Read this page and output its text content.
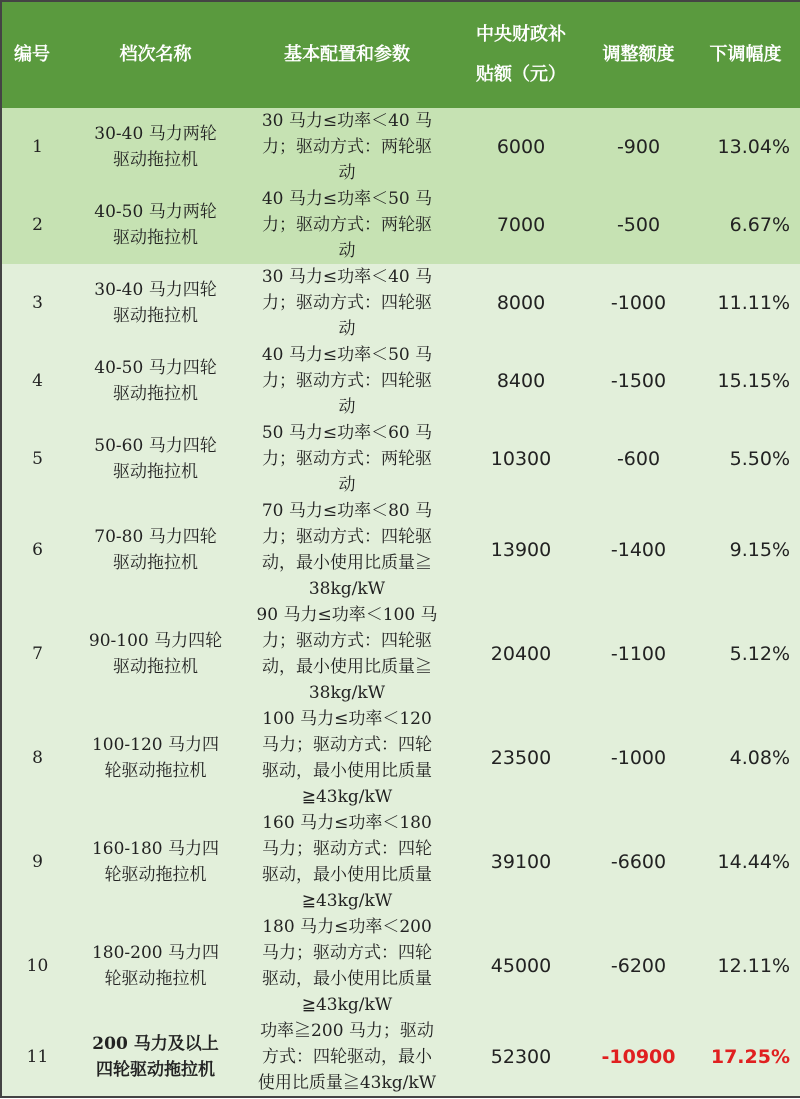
编号	档次名称	基本配置和参数	中央财政补
贴额（元）	调整额度	下调幅度
1	30-40 马力两轮
驱动拖拉机	30 马力≤功率＜40 马
力；驱动方式：两轮驱
动	6000	-900	13.04%
2	40-50 马力两轮
驱动拖拉机	40 马力≤功率＜50 马
力；驱动方式：两轮驱
动	7000	-500	6.67%
3	30-40 马力四轮
驱动拖拉机	30 马力≤功率＜40 马
力；驱动方式：四轮驱
动	8000	-1000	11.11%
4	40-50 马力四轮
驱动拖拉机	40 马力≤功率＜50 马
力；驱动方式：四轮驱
动	8400	-1500	15.15%
5	50-60 马力四轮
驱动拖拉机	50 马力≤功率＜60 马
力；驱动方式：两轮驱
动	10300	-600	5.50%
6	70-80 马力四轮
驱动拖拉机	70 马力≤功率＜80 马
力；驱动方式：四轮驱
动，最小使用比质量≧
38kg/kW	13900	-1400	9.15%
7	90-100 马力四轮
驱动拖拉机	90 马力≤功率＜100 马
力；驱动方式：四轮驱
动，最小使用比质量≧
38kg/kW	20400	-1100	5.12%
8	100-120 马力四
轮驱动拖拉机	100 马力≤功率＜120
马力；驱动方式：四轮
驱动，最小使用比质量
≧43kg/kW	23500	-1000	4.08%
9	160-180 马力四
轮驱动拖拉机	160 马力≤功率＜180
马力；驱动方式：四轮
驱动，最小使用比质量
≧43kg/kW	39100	-6600	14.44%
10	180-200 马力四
轮驱动拖拉机	180 马力≤功率＜200
马力；驱动方式：四轮
驱动，最小使用比质量
≧43kg/kW	45000	-6200	12.11%
11	200 马力及以上
四轮驱动拖拉机	功率≧200 马力；驱动
方式：四轮驱动，最小
使用比质量≧43kg/kW	52300	-10900	17.25%
